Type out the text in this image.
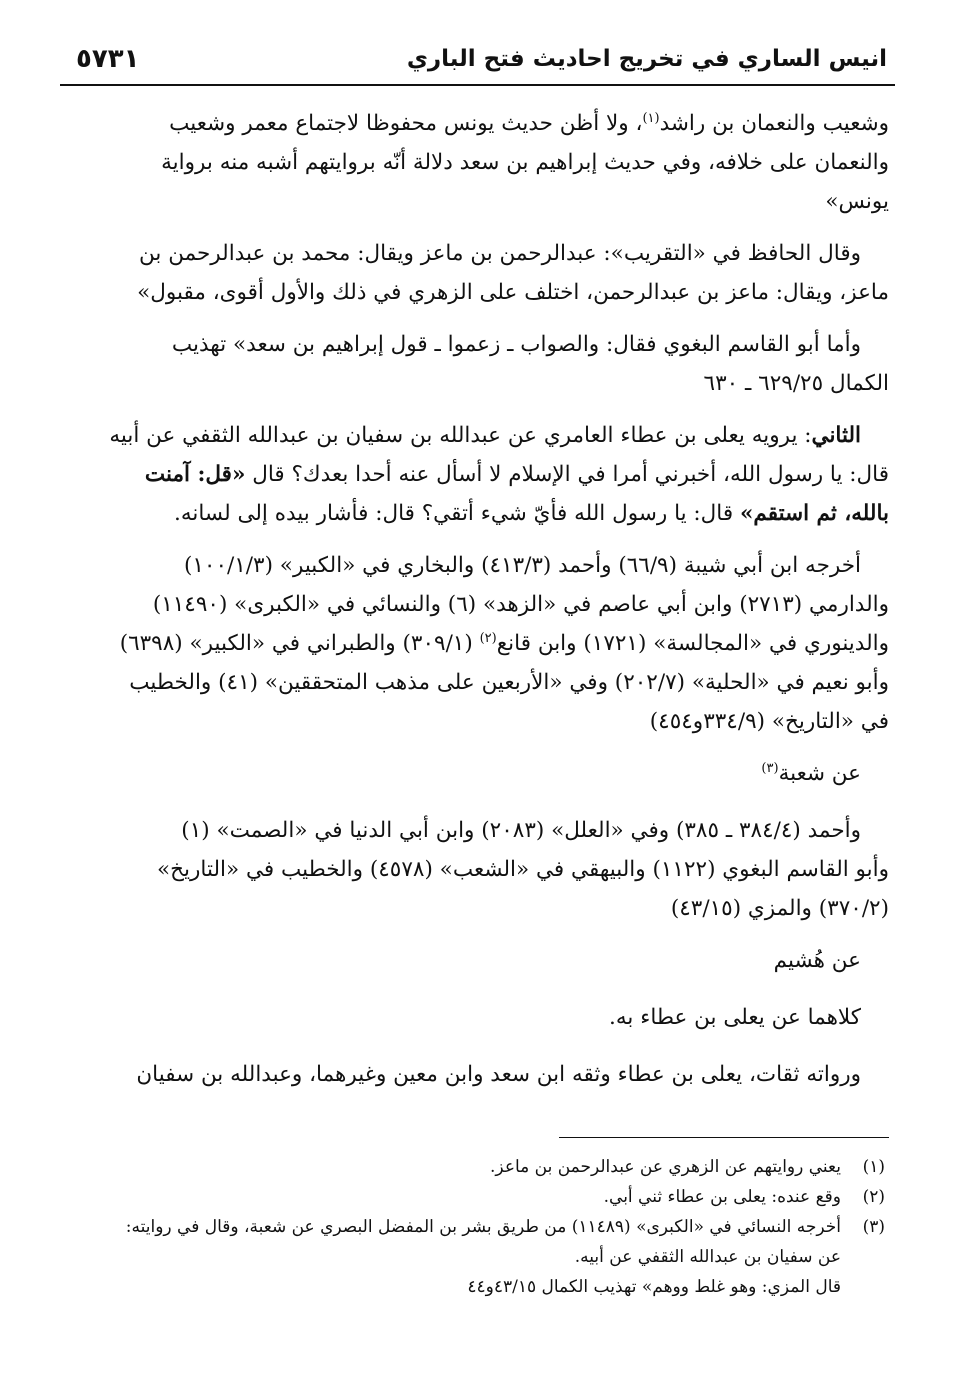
انيس الساري في تخريج احاديث فتح الباري
٥٧٣١

وشعيب والنعمان بن راشد$^{(١)}$، ولا أظن حديث يونس محفوظا لاجتماع معمر وشعيب
والنعمان على خلافه، وفي حديث إبراهيم بن سعد دلالة أنّه بروايتهم أشبه منه برواية
يونس»

وقال الحافظ في «التقريب»: عبدالرحمن بن ماعز ويقال: محمد بن عبدالرحمن بن
ماعز، ويقال: ماعز بن عبدالرحمن، اختلف على الزهري في ذلك والأول أقوى، مقبول»

وأما أبو القاسم البغوي فقال: والصواب ـ زعموا ـ قول إبراهيم بن سعد» تهذيب
الكمال ٦٢٩/٢٥ ـ ٦٣٠

الثاني: يرويه يعلى بن عطاء العامري عن عبدالله بن سفيان بن عبدالله الثقفي عن أبيه
قال: يا رسول الله، أخبرني أمرا في الإسلام لا أسأل عنه أحدا بعدك؟ قال «قل: آمنت
بالله، ثم استقم» قال: يا رسول الله فأيّ شيء أتقي؟ قال: فأشار بيده إلى لسانه.

أخرجه ابن أبي شيبة (٦٦/٩) وأحمد (٤١٣/٣) والبخاري في «الكبير» (١٠٠/١/٣)
والدارمي (٢٧١٣) وابن أبي عاصم في «الزهد» (٦) والنسائي في «الكبرى» (١١٤٩٠)
والدينوري في «المجالسة» (١٧٢١) وابن قانع$^{(٢)}$ (٣٠٩/١) والطبراني في «الكبير» (٦٣٩٨)
وأبو نعيم في «الحلية» (٢٠٢/٧) وفي «الأربعين على مذهب المتحققين» (٤١) والخطيب
في «التاريخ» (٣٣٤/٩و٤٥٤)

عن شعبة$^{(٣)}$

وأحمد (٣٨٤/٤ ـ ٣٨٥) وفي «العلل» (٢٠٨٣) وابن أبي الدنيا في «الصمت» (١)
وأبو القاسم البغوي (١١٢٢) والبيهقي في «الشعب» (٤٥٧٨) والخطيب في «التاريخ»
(٣٧٠/٢) والمزي (٤٣/١٥)

عن هُشيم

كلاهما عن يعلى بن عطاء به.

ورواته ثقات، يعلى بن عطاء وثقه ابن سعد وابن معين وغيرهما، وعبدالله بن سفيان

(١)
يعني روايتهم عن الزهري عن عبدالرحمن بن ماعز.
(٢)
وقع عنده: يعلى بن عطاء ثني أبي.
(٣)
أخرجه النسائي في «الكبرى» (١١٤٨٩) من طريق بشر بن المفضل البصري عن شعبة، وقال في روايته:
عن سفيان بن عبدالله الثقفي عن أبيه.
قال المزي: وهو غلط ووهم» تهذيب الكمال ٤٣/١٥و٤٤
